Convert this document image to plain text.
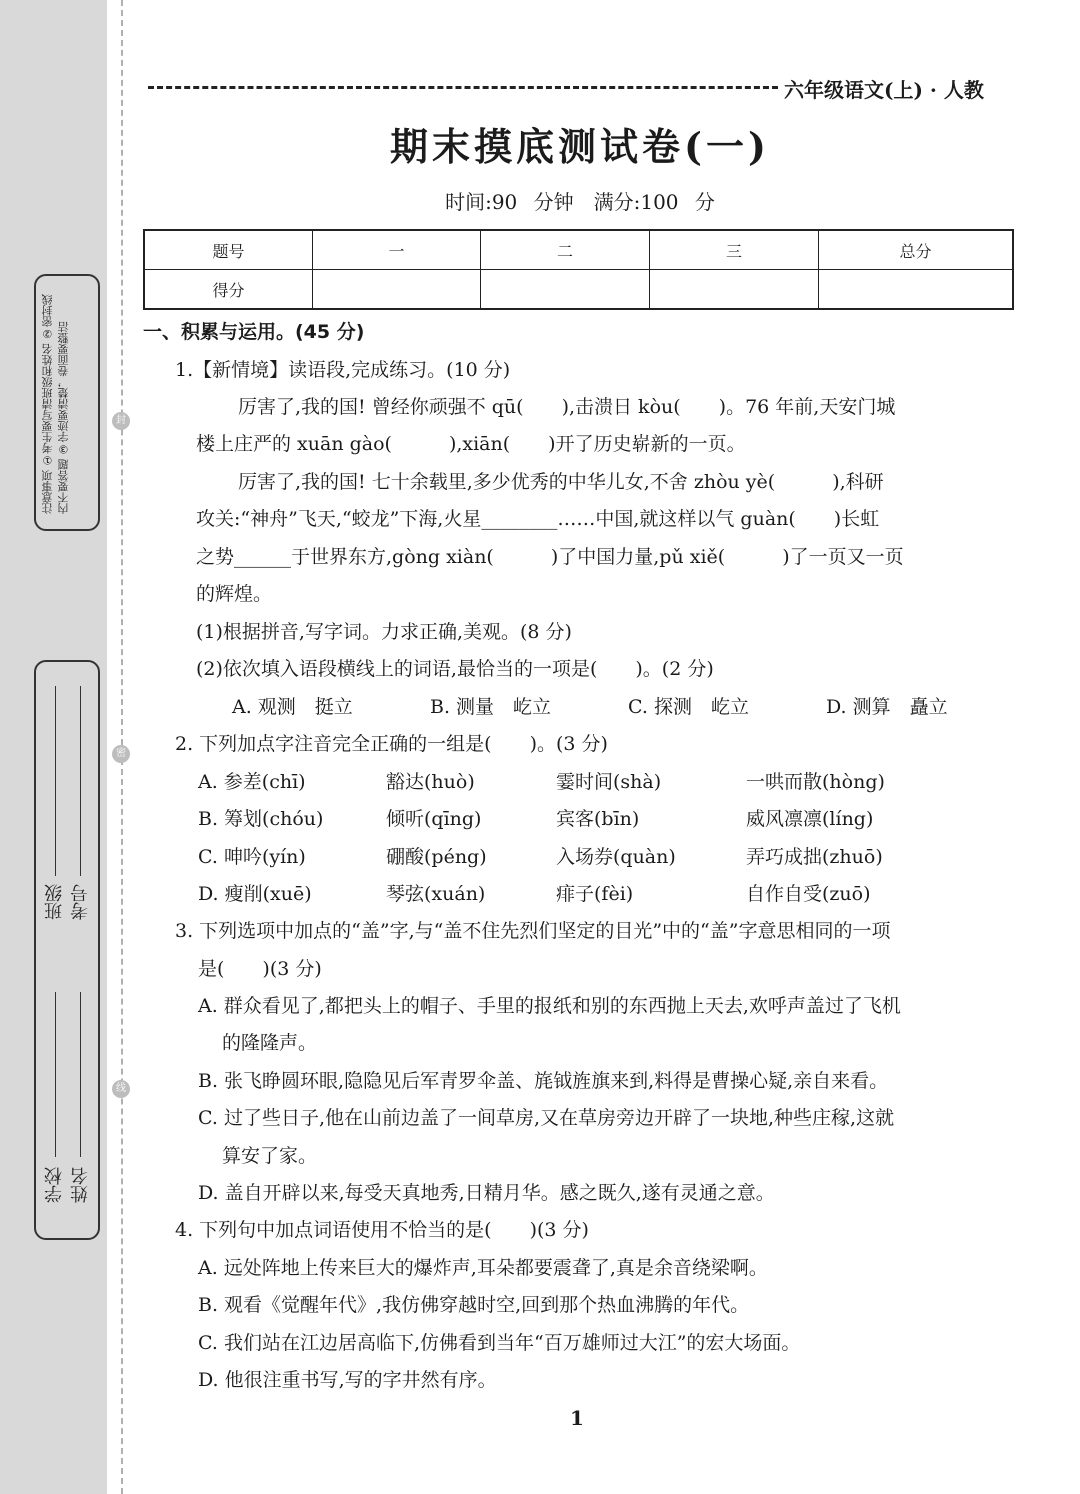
封
密
线
注意事项 ①考生要写清班级和姓名 ②密封线内不要答题 ③字迹要清楚，卷面要整洁
学校 姓名
班级 考号
六年级语文(上) · 人教
期末摸底测试卷(一)
时间:90 分钟　满分:100 分
题号	一	二	三	总分
得分				
一、积累与运用。(45 分)
1.【新情境】读语段,完成练习。(10 分)
厉害了,我的国! 曾经你顽强不 qū(　　),击溃日 kòu(　　)。76 年前,天安门城
楼上庄严的 xuān gào(　　　),xiān(　　)开了历史崭新的一页。
厉害了,我的国! 七十余载里,多少优秀的中华儿女,不舍 zhòu yè(　　　),科研
攻关:“神舟”飞天,“蛟龙”下海,火星________……中国,就这样以气 guàn(　　)长虹
之势______于世界东方,gòng xiàn(　　　)了中国力量,pǔ xiě(　　　)了一页又一页
的辉煌。
(1)根据拼音,写字词。力求正确,美观。(8 分)
(2)依次填入语段横线上的词语,最恰当的一项是(　　)。(2 分)
A. 观测　挺立	B. 测量　屹立	C. 探测　屹立	D. 测算　矗立
2. 下列加点字注音完全正确的一组是(　　)。(3 分)
A. 参差(chī)	豁达(huò)	霎时间(shà)	一哄而散(hòng)
B. 筹划(chóu)	倾听(qīng)	宾客(bīn)	威风凛凛(líng)
C. 呻吟(yín)	硼酸(péng)	入场券(quàn)	弄巧成拙(zhuō)
D. 瘦削(xuē)	琴弦(xuán)	痱子(fèi)	自作自受(zuō)
3. 下列选项中加点的“盖”字,与“盖不住先烈们坚定的目光”中的“盖”字意思相同的一项
是(　　)(3 分)
A. 群众看见了,都把头上的帽子、手里的报纸和别的东西抛上天去,欢呼声盖过了飞机
的隆隆声。
B. 张飞睁圆环眼,隐隐见后军青罗伞盖、旄钺旌旗来到,料得是曹操心疑,亲自来看。
C. 过了些日子,他在山前边盖了一间草房,又在草房旁边开辟了一块地,种些庄稼,这就
算安了家。
D. 盖自开辟以来,每受天真地秀,日精月华。感之既久,遂有灵通之意。
4. 下列句中加点词语使用不恰当的是(　　)(3 分)
A. 远处阵地上传来巨大的爆炸声,耳朵都要震聋了,真是余音绕梁啊。
B. 观看《觉醒年代》,我仿佛穿越时空,回到那个热血沸腾的年代。
C. 我们站在江边居高临下,仿佛看到当年“百万雄师过大江”的宏大场面。
D. 他很注重书写,写的字井然有序。
1
